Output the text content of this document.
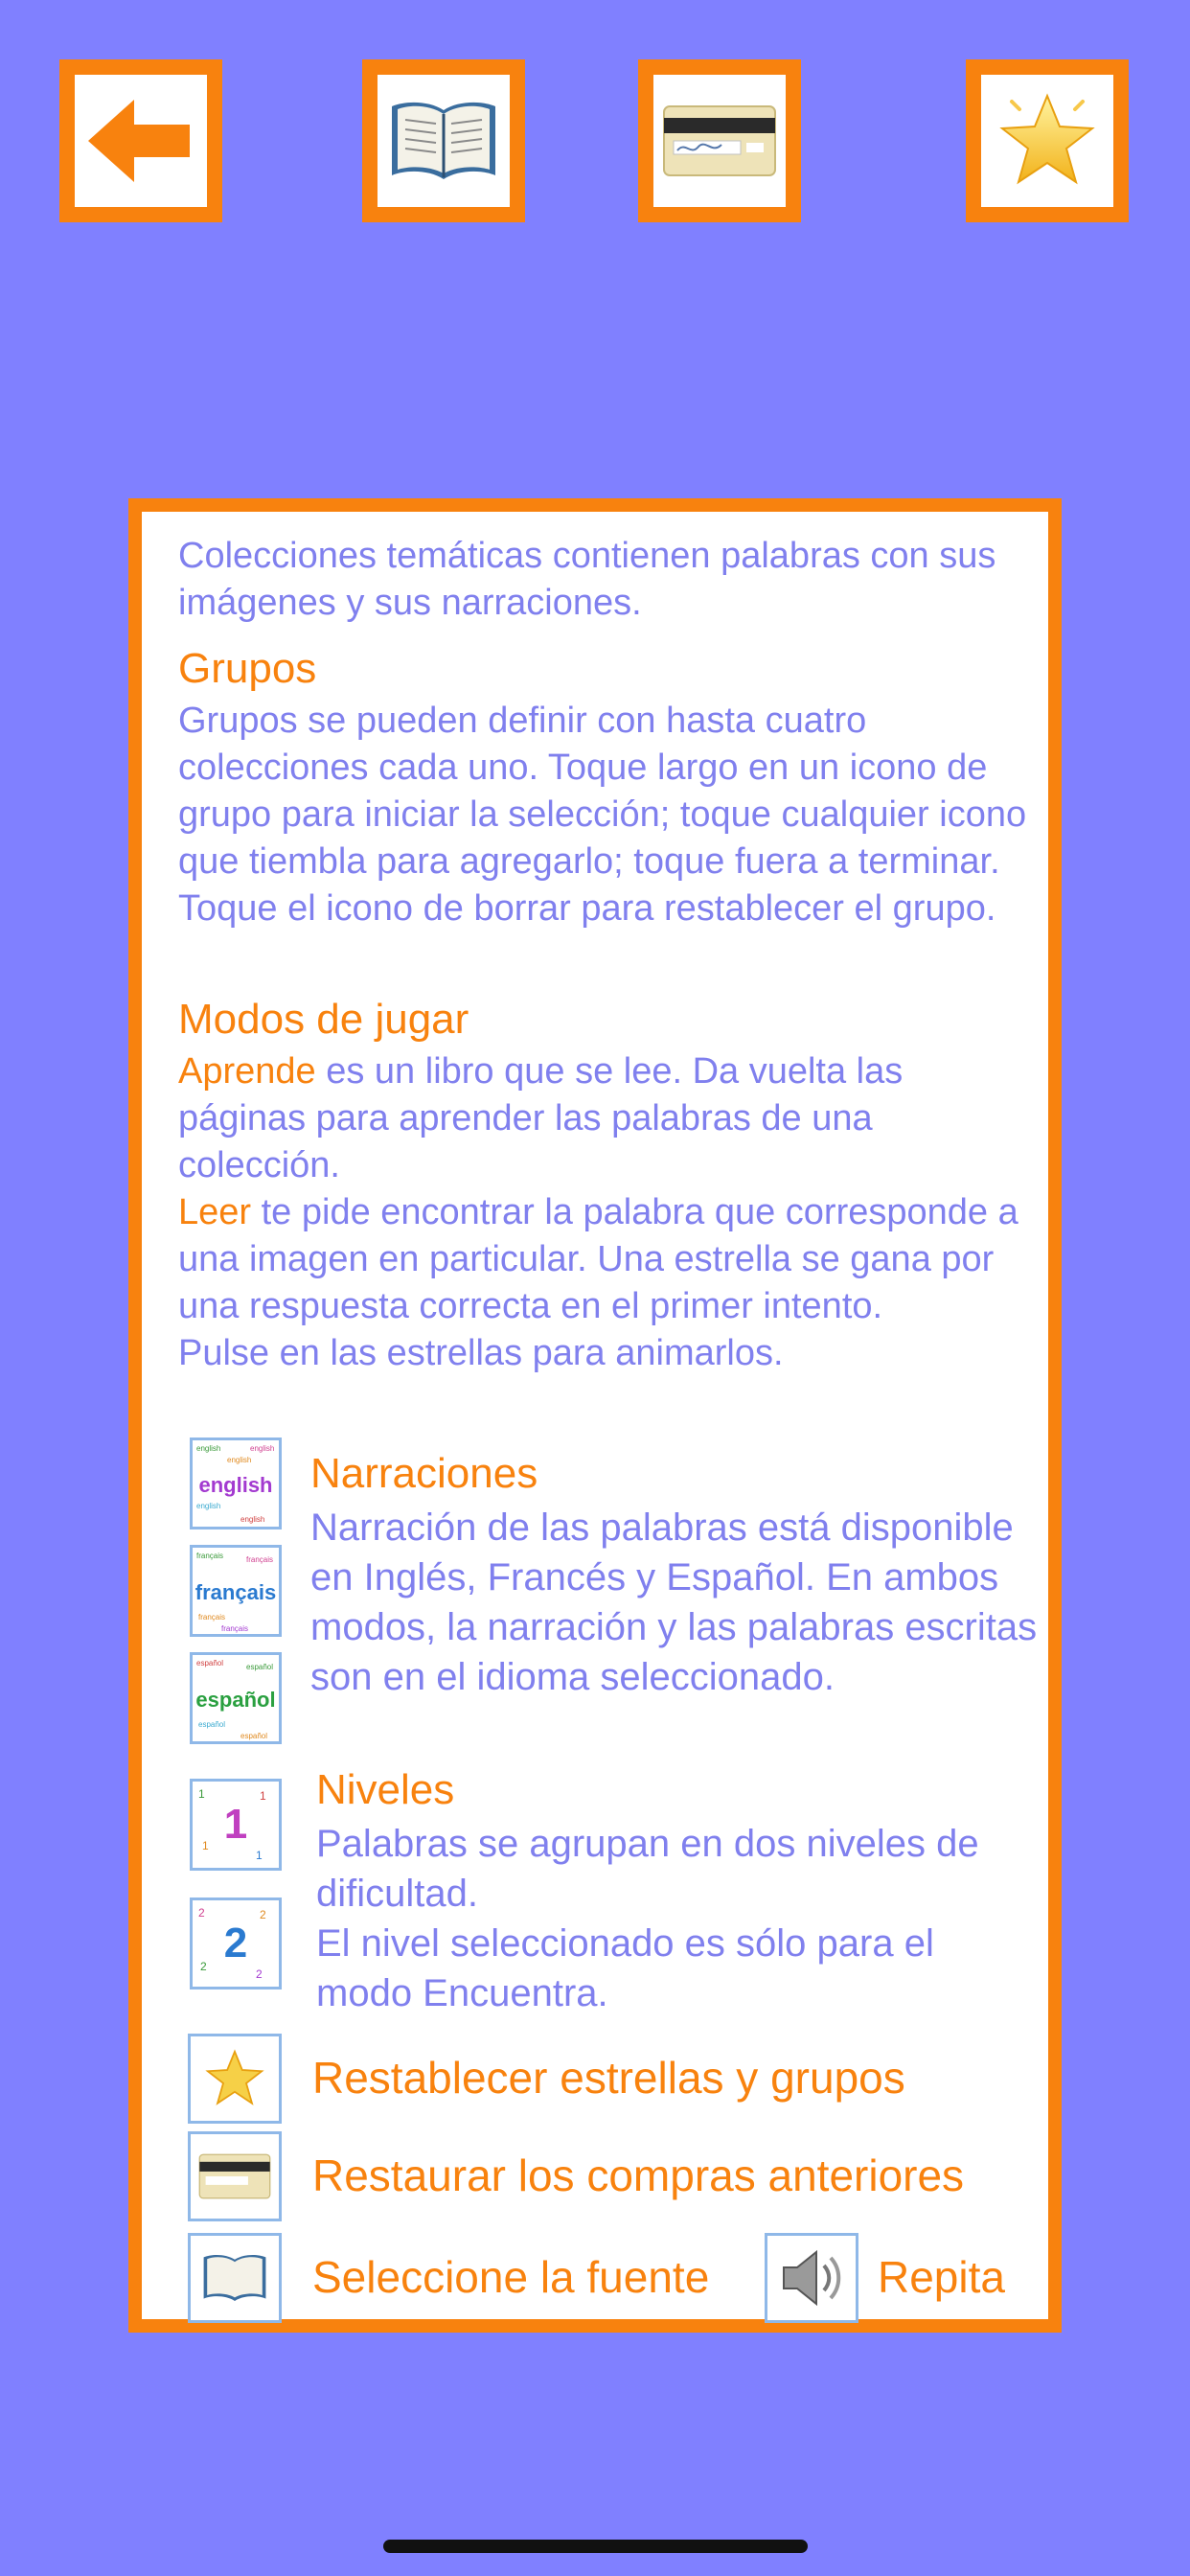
Colecciones temáticas contienen palabras con sus imágenes y sus narraciones.

Grupos

Grupos se pueden definir con hasta cuatro colecciones cada uno. Toque largo en un icono de grupo para iniciar la selección; toque cualquier icono que tiembla para agregarlo; toque fuera a terminar. Toque el icono de borrar para restablecer el grupo.

Modos de jugar

Aprende es un libro que se lee. Da vuelta las páginas para aprender las palabras de una colección.
Leer te pide encontrar la palabra que corresponde a una imagen en particular. Una estrella se gana por una respuesta correcta en el primer intento.
Pulse en las estrellas para animarlos.

english	english
english
english
english
english
français	français
français
français
français
español	español
español
español
español

Narraciones

Narración de las palabras está disponible en Inglés, Francés y Español. En ambos modos, la narración y las palabras escritas son en el idioma seleccionado.

1	1
1
1
1
2	2
2
2
2

Niveles

Palabras se agrupan en dos niveles de dificultad.

El nivel seleccionado es sólo para el modo Encuentra.

Restablecer estrellas y grupos
Restaurar los compras anteriores
Seleccione la fuente	Repita
